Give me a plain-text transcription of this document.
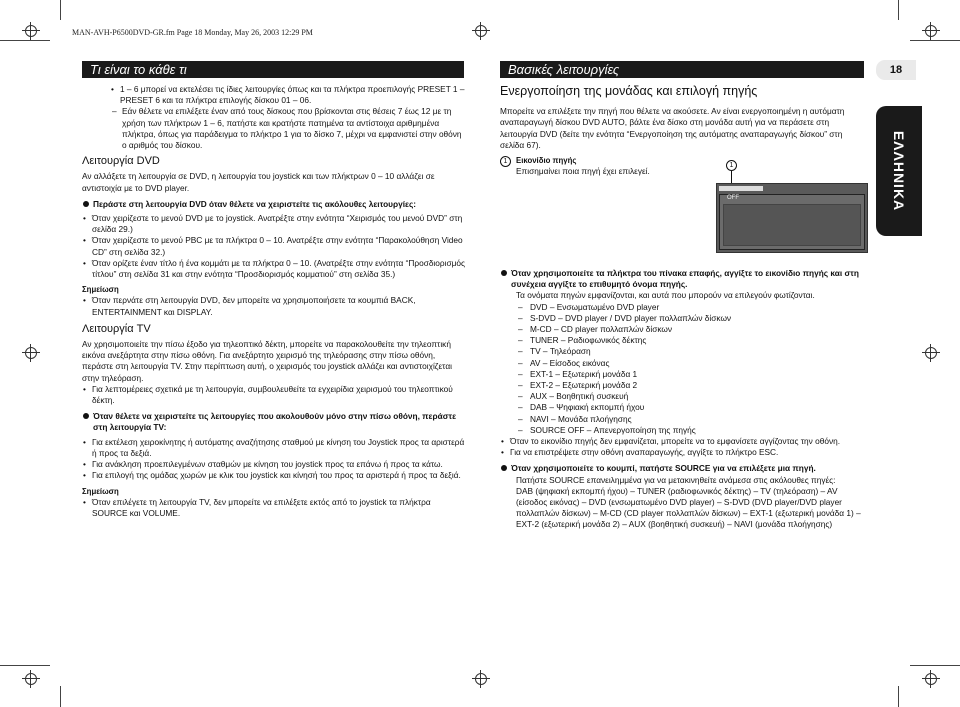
MAN-AVH-P6500DVD-GR.fm Page 18 Monday, May 26, 2003 12:29 PM
Τι είναι το κάθε τι	Βασικές λειτουργίες	18
ΕΛΛΗΝΙΚΑ

• 1 – 6 μπορεί να εκτελέσει τις ίδιες λειτουργίες όπως και τα πλήκτρα προεπιλογής PRESET 1 – PRESET 6 και τα πλήκτρα επιλογής δίσκου 01 – 06.

– Εάν θέλετε να επιλέξετε έναν από τους δίσκους που βρίσκονται στις θέσεις 7 έως 12 με τη χρήση των πλήκτρων 1 – 6, πατήστε και κρατήστε πατημένα τα αντίστοιχα αριθμημένα πλήκτρα, όπως για παράδειγμα το πλήκτρο 1 για το δίσκο 7, μέχρι να εμφανιστεί στην οθόνη ο αριθμός του δίσκου.

Λειτουργία DVD

Αν αλλάξετε τη λειτουργία σε DVD, η λειτουργία του joystick και των πλήκτρων 0 – 10 αλλάζει σε αντιστοιχία με το DVD player.

Περάστε στη λειτουργία DVD όταν θέλετε να χειριστείτε τις ακόλουθες λειτουργίες:

• Όταν χειρίζεστε το μενού DVD με το joystick. Ανατρέξτε στην ενότητα “Χειρισμός του μενού DVD” στη σελίδα 29.)

• Όταν χειρίζεστε το μενού PBC με τα πλήκτρα 0 – 10. Ανατρέξτε στην ενότητα “Παρακολούθηση Video CD” στη σελίδα 32.)

• Όταν ορίζετε έναν τίτλο ή ένα κομμάτι με τα πλήκτρα 0 – 10. (Ανατρέξτε στην ενότητα “Προσδιορισμός τίτλου” στη σελίδα 31 και στην ενότητα “Προσδιορισμός κομματιού” στη σελίδα 35.)

Σημείωση

• Όταν περνάτε στη λειτουργία DVD, δεν μπορείτε να χρησιμοποιήσετε τα κουμπιά BACK, ENTERTAINMENT και DISPLAY.

Λειτουργία TV

Αν χρησιμοποιείτε την πίσω έξοδο για τηλεοπτικό δέκτη, μπορείτε να παρακολουθείτε την τηλεοπτική εικόνα ανεξάρτητα στην πίσω οθόνη. Για ανεξάρτητο χειρισμό της τηλεόρασης στην πίσω οθόνη, περάστε στη λειτουργία TV. Στην περίπτωση αυτή, ο χειρισμός του joystick αλλάζει και αντιστοιχίζεται στην τηλεόραση.

• Για λεπτομέρειες σχετικά με τη λειτουργία, συμβουλευθείτε τα εγχειρίδια χειρισμού του τηλεοπτικού δέκτη.

Όταν θέλετε να χειριστείτε τις λειτουργίες που ακολουθούν μόνο στην πίσω οθόνη, περάστε στη λειτουργία TV:

• Για εκτέλεση χειροκίνητης ή αυτόματης αναζήτησης σταθμού με κίνηση του Joystick προς τα αριστερά ή προς τα δεξιά.

• Για ανάκληση προεπιλεγμένων σταθμών με κίνηση του joystick προς τα επάνω ή προς τα κάτω.

• Για επιλογή της ομάδας χωρών με κλικ του joystick και κίνησή του προς τα αριστερά ή προς τα δεξιά.

Σημείωση

• Όταν επιλέγετε τη λειτουργία TV, δεν μπορείτε να επιλέξετε εκτός από το joystick τα πλήκτρα SOURCE και VOLUME.

Ενεργοποίηση της μονάδας και επιλογή πηγής

Μπορείτε να επιλέξετε την πηγή που θέλετε να ακούσετε. Αν είναι ενεργοποιημένη η αυτόματη αναπαραγωγή δίσκου DVD AUTO, βάλτε ένα δίσκο στη μονάδα αυτή για να περάσετε στη λειτουργία DVD (δείτε την ενότητα “Ενεργοποίηση της αυτόματης αναπαραγωγής δίσκου” στη σελίδα 67).

1	Εικονίδιο πηγής

Επισημαίνει ποια πηγή έχει επιλεγεί.

1
OFF

Όταν χρησιμοποιείτε τα πλήκτρα του πίνακα επαφής, αγγίξτε το εικονίδιο πηγής και στη συνέχεια αγγίξτε το επιθυμητό όνομα πηγής.

Τα ονόματα πηγών εμφανίζονται, και αυτά που μπορούν να επιλεγούν φωτίζονται.

– DVD – Ενσωματωμένο DVD player

– S-DVD – DVD player / DVD player πολλαπλών δίσκων

– M-CD – CD player πολλαπλών δίσκων

– TUNER – Ραδιοφωνικός δέκτης

– TV – Τηλεόραση

– AV – Είσοδος εικόνας

– EXT-1 – Εξωτερική μονάδα 1

– EXT-2 – Εξωτερική μονάδα 2

– AUX – Βοηθητική συσκευή

– DAB – Ψηφιακή εκπομπή ήχου

– NAVI – Μονάδα πλοήγησης

– SOURCE OFF – Απενεργοποίηση της πηγής

• Όταν το εικονίδιο πηγής δεν εμφανίζεται, μπορείτε να το εμφανίσετε αγγίζοντας την οθόνη.

• Για να επιστρέψετε στην οθόνη αναπαραγωγής, αγγίξτε το πλήκτρο ESC.

Όταν χρησιμοποιείτε το κουμπί, πατήστε SOURCE για να επιλέξετε μια πηγή.

Πατήστε SOURCE επανειλημμένα για να μετακινηθείτε ανάμεσα στις ακόλουθες πηγές:

DAB (ψηφιακή εκπομπή ήχου) – TUNER (ραδιοφωνικός δέκτης) – TV (τηλεόραση) – AV (είσοδος εικόνας) – DVD (ενσωματωμένο DVD player) – S-DVD (DVD player/DVD player πολλαπλών δίσκων) – M-CD (CD player πολλαπλών δίσκων) – EXT-1 (εξωτερική μονάδα 1) – EXT-2 (εξωτερική μονάδα 2) – AUX (βοηθητική συσκευή) – NAVI (μονάδα πλοήγησης)
